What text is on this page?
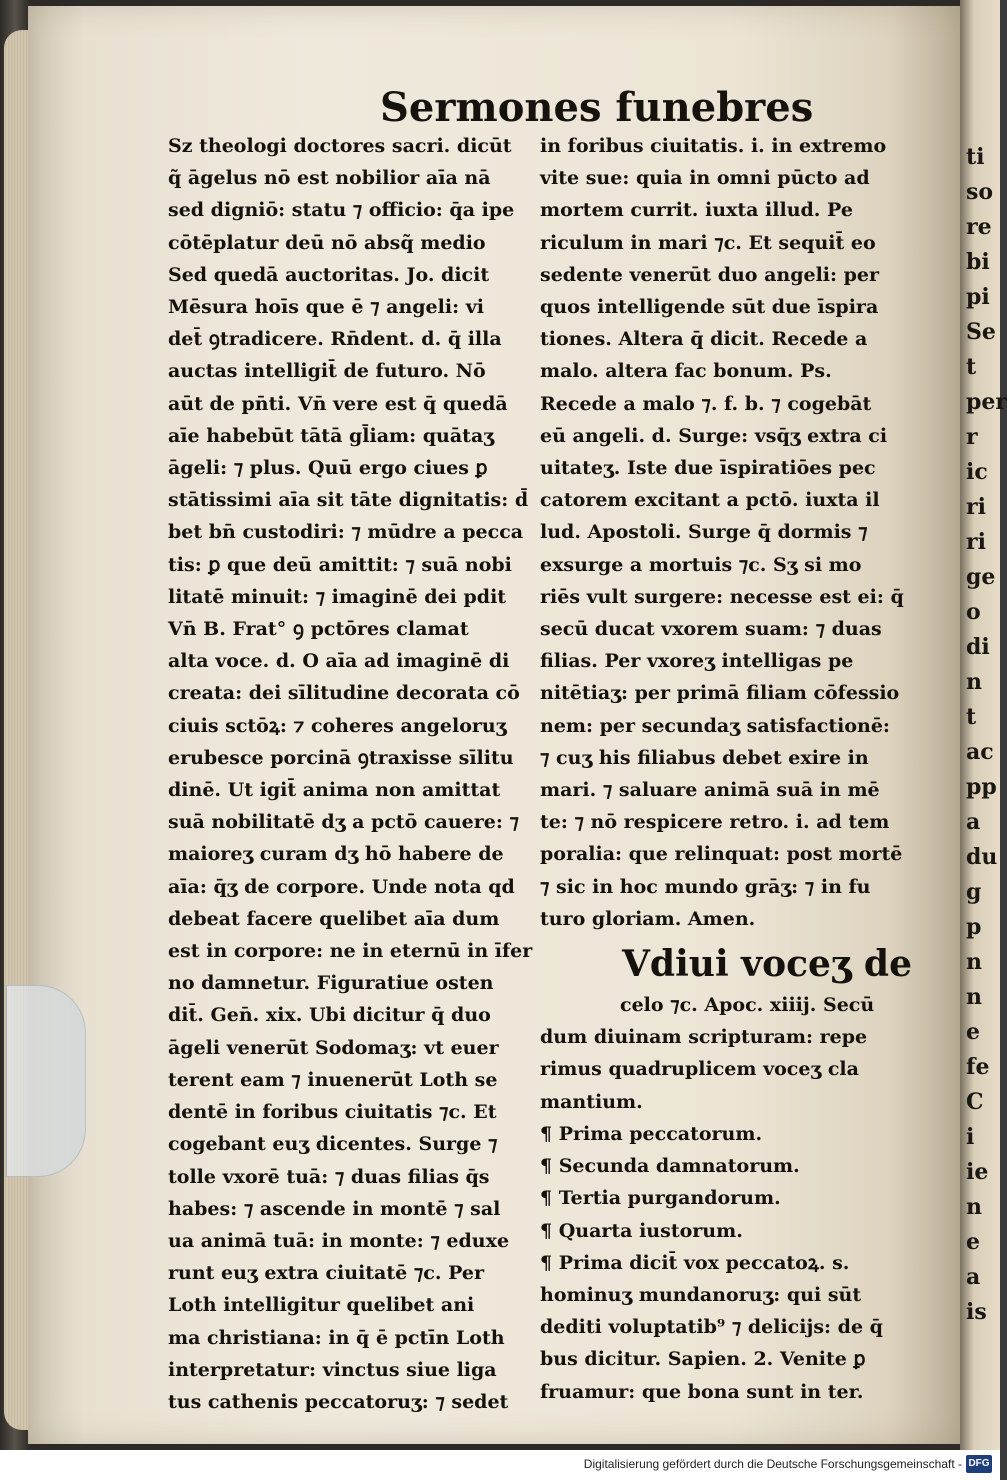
ti
so
re
bi
pi
Se
t
per
r
ic
ri
ri
ge
o
di
n
t
ac
pp
a
du
g
p
n
n
e
fe
C
i
ie
n
e
a
is
Sermones funebres
Sz theologi doctores sacri. dicūt
q̃ āgelus nō est nobilior aīa nā
sed digniō: statu ⁊ officio: q̄a ipe
cōtēplatur deū nō absq̃ medio
Sed quedā auctoritas. Jo. dicit
Mēsura hoīs que ē ⁊ angeli: vi
det̄ ꝯtradicere. Rn̄dent. d. q̄ illa
auctas intelligit̄ de futuro. Nō
aūt de pn̄ti. Vn̄ vere est q̄ quedā
aīe habebūt tātā gl̄iam: quātaʒ
āgeli: ⁊ plus. Quū ergo ciues ꝑ
stātissimi aīa sit tāte dignitatis: d̄
bet bn̄ custodiri: ⁊ mūdre a pecca
tis: ꝑ que deū amittit: ⁊ suā nobi
litatē minuit: ⁊ imaginē dei pdit
Vn̄ B. Frat° ꝯ pctōres clamat
alta voce. d. O aīa ad imaginē di
creata: dei sīlitudine decorata cō
ciuis sctōꝝ: ⁊ coheres angeloruʒ
erubesce porcinā ꝯtraxisse sīlitu
dinē. Ut igit̄ anima non amittat
suā nobilitatē dʒ a pctō cauere: ⁊
maioreʒ curam dʒ hō habere de
aīa: q̄ʒ de corpore. Unde nota qd
debeat facere quelibet aīa dum
est in corpore: ne in eternū in īfer
no damnetur. Figuratiue osten
dit̄. Gen̄. xix. Ubi dicitur q̄ duo
āgeli venerūt Sodomaʒ: vt euer
terent eam ⁊ inuenerūt Loth se
dentē in foribus ciuitatis ⁊c. Et
cogebant euʒ dicentes. Surge ⁊
tolle vxorē tuā: ⁊ duas filias q̄s
habes: ⁊ ascende in montē ⁊ sal
ua animā tuā: in monte: ⁊ eduxe
runt euʒ extra ciuitatē ⁊c. Per
Loth intelligitur quelibet ani
ma christiana: in q̄ ē pctīn Loth
interpretatur: vinctus siue liga
tus cathenis peccatoruʒ: ⁊ sedet
in foribus ciuitatis. i. in extremo
vite sue: quia in omni pūcto ad
mortem currit. iuxta illud. Pe
riculum in mari ⁊c. Et sequit̄ eo
sedente venerūt duo angeli: per
quos intelligende sūt due īspira
tiones. Altera q̄ dicit. Recede a
malo. altera fac bonum. Ps.
Recede a malo ⁊. f. b. ⁊ cogebāt
eū angeli. d. Surge: vsq̄ʒ extra ci
uitateʒ. Iste due īspiratiōes pec
catorem excitant a pctō. iuxta il
lud. Apostoli. Surge q̄ dormis ⁊
exsurge a mortuis ⁊c. Sʒ si mo
riēs vult surgere: necesse est ei: q̄
secū ducat vxorem suam: ⁊ duas
filias. Per vxoreʒ intelligas pe
nitētiaʒ: per primā filiam cōfessio
nem: per secundaʒ satisfactionē:
⁊ cuʒ his filiabus debet exire in
mari. ⁊ saluare animā suā in mē
te: ⁊ nō respicere retro. i. ad tem
poralia: que relinquat: post mortē
⁊ sic in hoc mundo grāʒ: ⁊ in fu
turo gloriam. Amen.
Vdiui voceʒ de
celo ⁊c. Apoc. xiiij. Secū
dum diuinam scripturam: repe
rimus quadruplicem voceʒ cla
mantium.
¶ Prima peccatorum.
¶ Secunda damnatorum.
¶ Tertia purgandorum.
¶ Quarta iustorum.
¶ Prima dicit̄ vox peccatoꝝ. s.
hominuʒ mundanoruʒ: qui sūt
dediti voluptatib⁹ ⁊ delicijs: de q̄
bus dicitur. Sapien. 2. Venite ꝑ
fruamur: que bona sunt in ter.
Digitalisierung gefördert durch die Deutsche Forschungsgemeinschaft - DFG
